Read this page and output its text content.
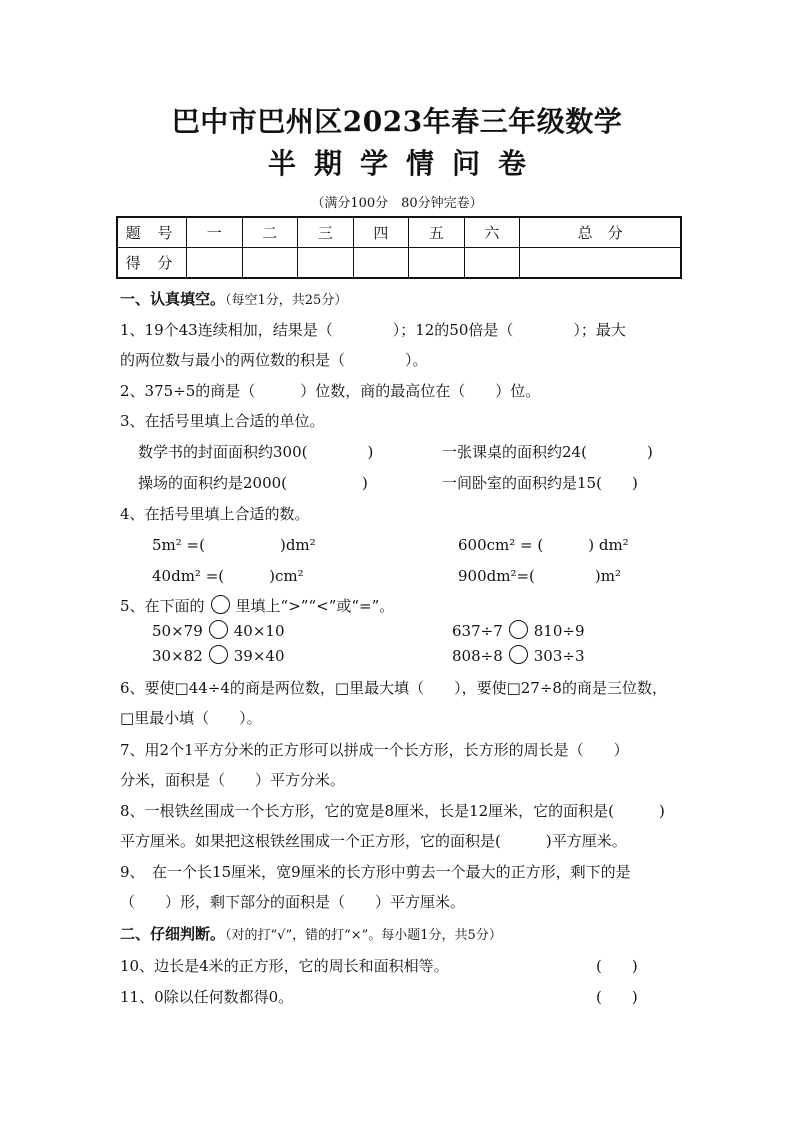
巴中市巴州区2023年春三年级数学
半期学情问卷
（满分100分　80分钟完卷）
题 号	一	二	三	四	五	六	总　分
得 分							
一、认真填空。（每空1分，共25分）
1、19个43连续相加，结果是（　　　　）；12的50倍是（　　　　）；最大
的两位数与最小的两位数的积是（　　　　）。
2、375÷5的商是（　　　）位数，商的最高位在（　　）位。
3、在括号里填上合适的单位。
数学书的封面面积约300(　　　　)	一张课桌的面积约24(　　　　)
操场的面积约是2000(　　　　　)	一间卧室的面积约是15(　　)
4、在括号里填上合适的数。
5m² =(　　　　　)dm²	600cm² = (　　　) dm²
40dm² =(　　　)cm²	900dm²=(　　　　)m²
5、在下面的 里填上“>”“<”或“=”。
50×79 40×10	637÷7 810÷9
30×82 39×40	808÷8 303÷3
6、要使□44÷4的商是两位数，□里最大填（　　），要使□27÷8的商是三位数，
□里最小填（　　）。
7、用2个1平方分米的正方形可以拼成一个长方形，长方形的周长是（　　）
分米，面积是（　　）平方分米。
8、一根铁丝围成一个长方形，它的宽是8厘米，长是12厘米，它的面积是(　　　)
平方厘米。如果把这根铁丝围成一个正方形，它的面积是(　　　)平方厘米。
9、　在一个长15厘米，宽9厘米的长方形中剪去一个最大的正方形，剩下的是
（　　）形，剩下部分的面积是（　　）平方厘米。
二、仔细判断。（对的打“√”，错的打“×”。每小题1分，共5分）
10、边长是4米的正方形，它的周长和面积相等。	(　　)
11、0除以任何数都得0。	(　　)
